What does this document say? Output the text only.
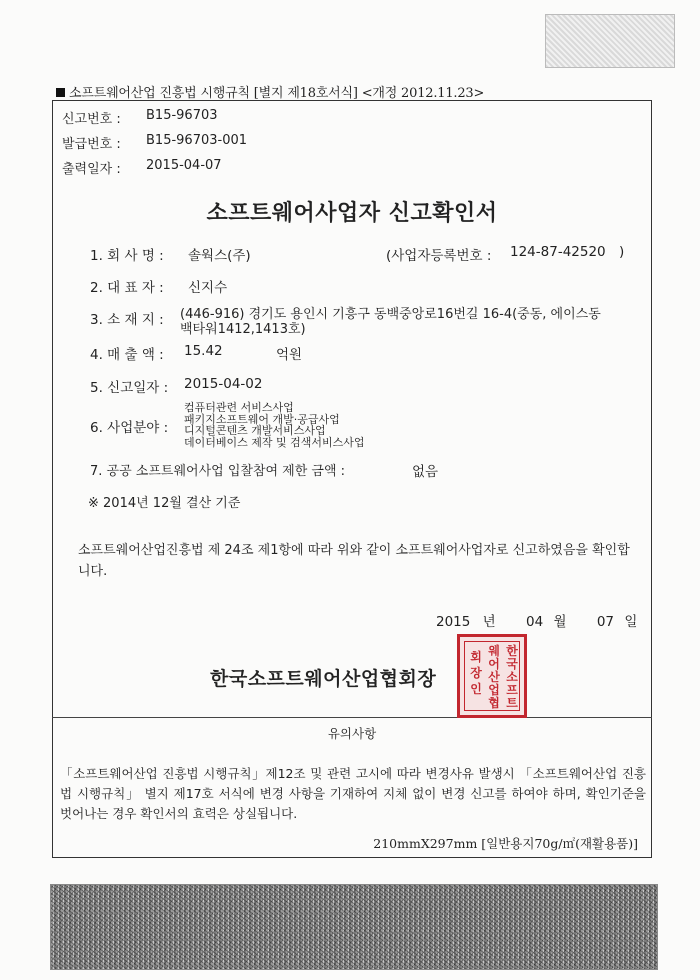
소프트웨어산업 진흥법 시행규칙 [별지 제18호서식] <개정 2012.11.23>
신고번호 : B15-96703
발급번호 : B15-96703-001
출력일자 : 2015-04-07
소프트웨어사업자 신고확인서
1. 회 사 명 : 솔웍스(주)	(사업자등록번호 : 124-87-42520 )
2. 대 표 자 : 신지수
3. 소 재 지 : (446-916) 경기도 용인시 기흥구 동백중앙로16번길 16-4(중동, 에이스동
백타워1412,1413호)
4. 매 출 액 : 15.42	억원
5. 신고일자 : 2015-04-02
6. 사업분야 :
컴퓨터관련 서비스사업
패키지소프트웨어 개발·공급사업
디지털콘텐츠 개발서비스사업
데이터베이스 제작 및 검색서비스사업
7. 공공 소프트웨어사업 입찰참여 제한 금액 :	없음
※ 2014년 12월 결산 기준
소프트웨어산업진흥법 제 24조 제1항에 따라 위와 같이 소프트웨어사업자로 신고하였음을 확인합니다.
2015 년 04 월 07 일
한국소프트웨어산업협회장
한
국
소
프
트
웨
어
산
업
협
회
장
인
유의사항
「소프트웨어산업 진흥법 시행규칙」제12조 및 관련 고시에 따라 변경사유 발생시 「소프트웨어산업 진흥법 시행규칙」 별지 제17호 서식에 변경 사항을 기재하여 지체 없이 변경 신고를 하여야 하며, 확인기준을 벗어나는 경우 확인서의 효력은 상실됩니다.
210mmX297mm [일반용지70g/㎡(재활용품)]
